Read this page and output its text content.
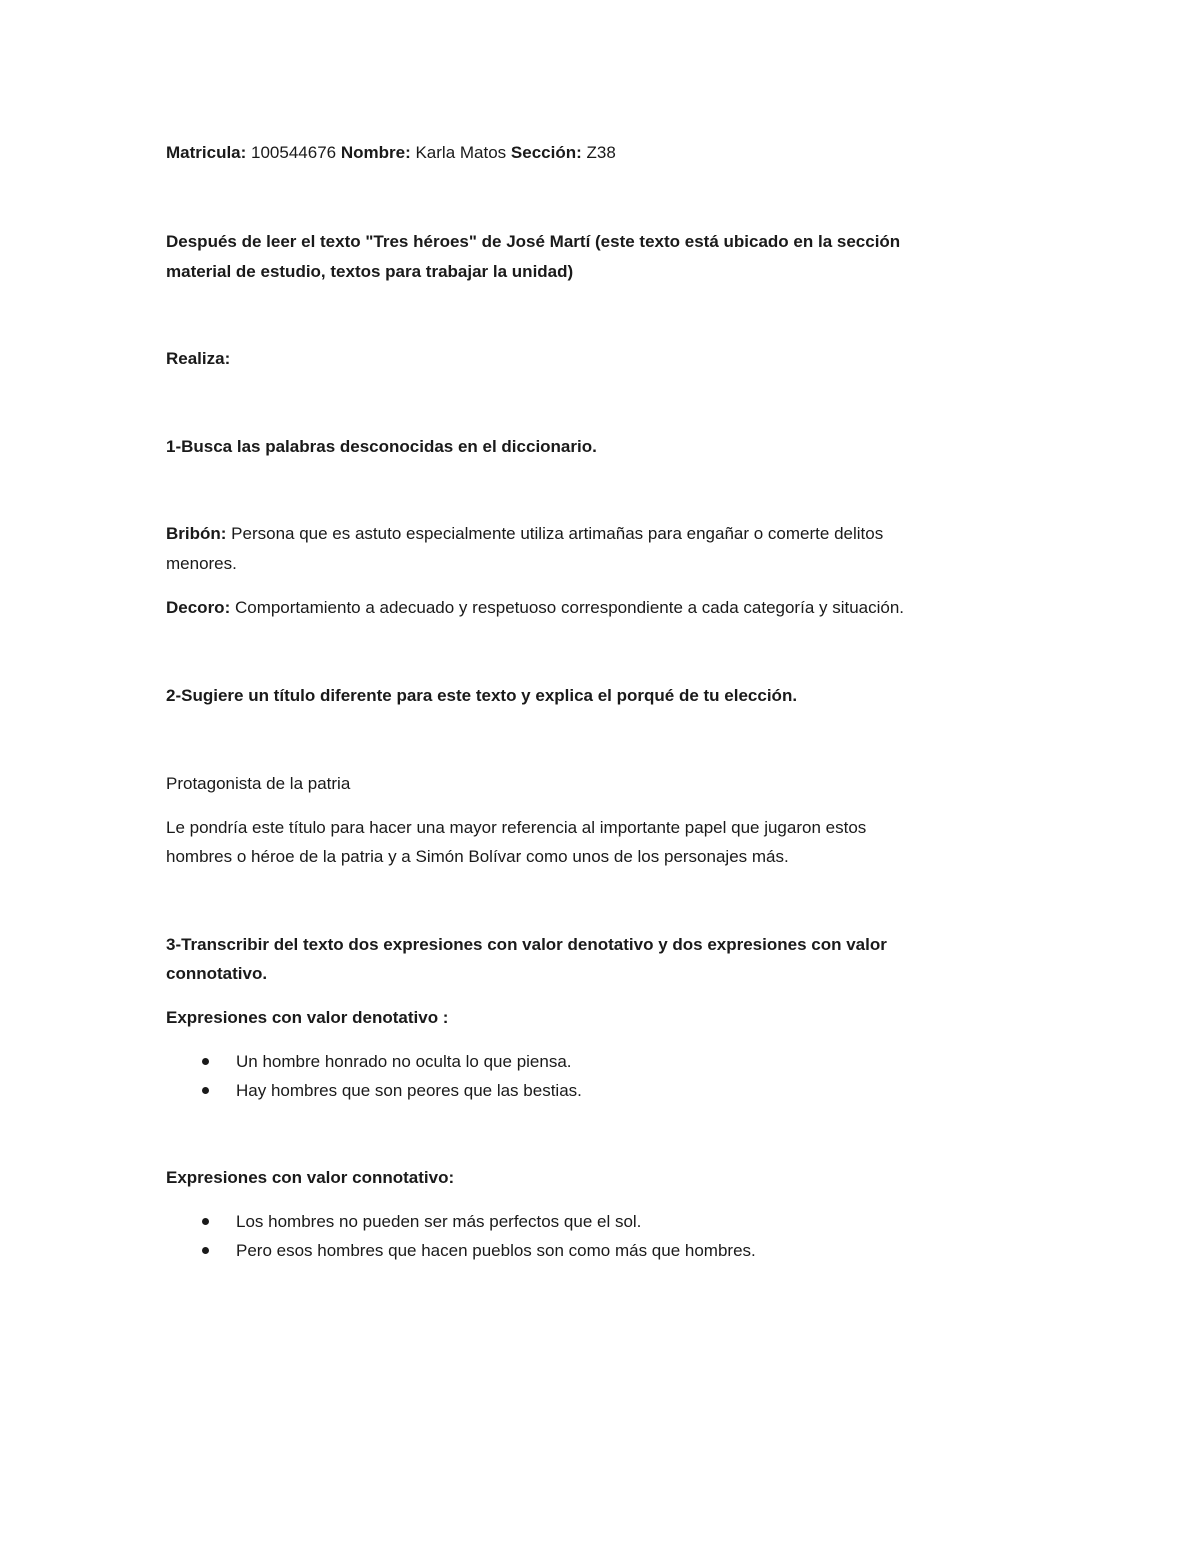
Matricula: 100544676 Nombre: Karla Matos Sección: Z38

Después de leer el texto "Tres héroes" de José Martí (este texto está ubicado en la sección

material de estudio, textos para trabajar la unidad)

Realiza:

1-Busca las palabras desconocidas en el diccionario.

Bribón: Persona que es astuto especialmente utiliza artimañas para engañar o comerte delitos

menores.

Decoro: Comportamiento a adecuado y respetuoso correspondiente a cada categoría y situación.

2-Sugiere un título diferente para este texto y explica el porqué de tu elección.

Protagonista de la patria

Le pondría este título para hacer una mayor referencia al importante papel que jugaron estos

hombres o héroe de la patria y a Simón Bolívar como unos de los personajes más.

3-Transcribir del texto dos expresiones con valor denotativo y dos expresiones con valor

connotativo.

Expresiones con valor denotativo :

Un hombre honrado no oculta lo que piensa.
Hay hombres que son peores que las bestias.

Expresiones con valor connotativo:

Los hombres no pueden ser más perfectos que el sol.
Pero esos hombres que hacen pueblos son como más que hombres.
